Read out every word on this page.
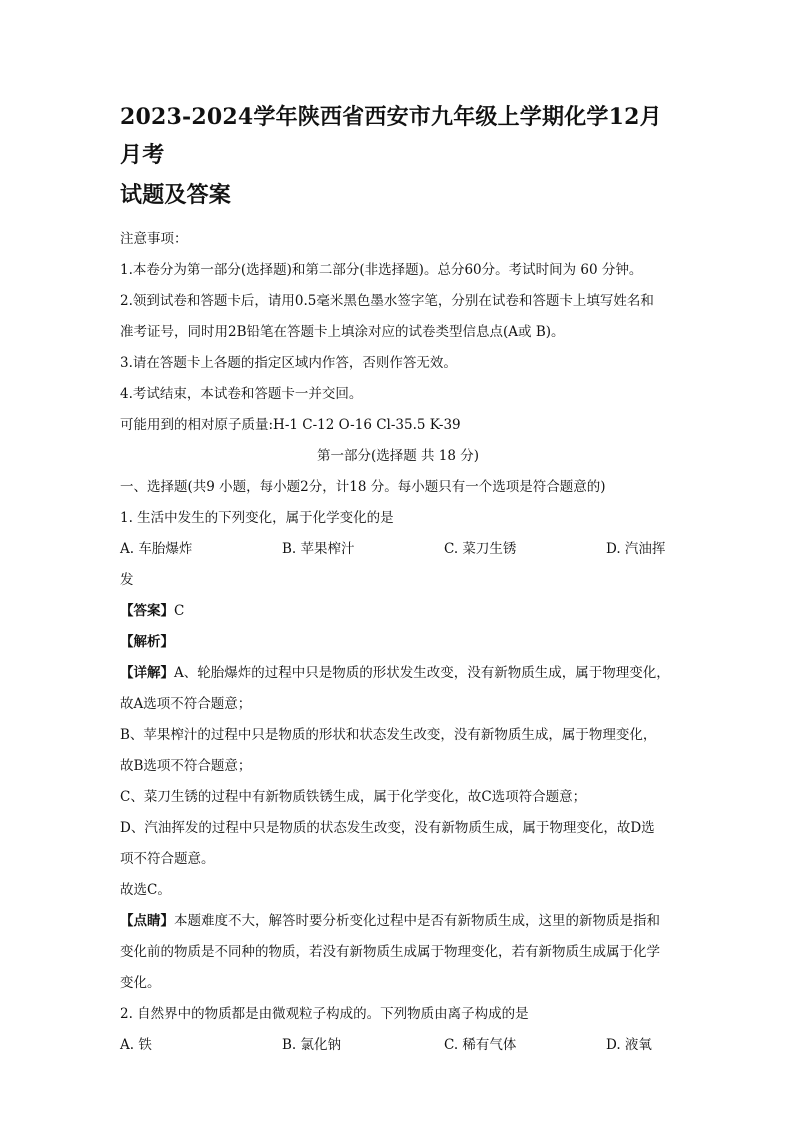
2023-2024学年陕西省西安市九年级上学期化学12月月考
试题及答案

注意事项：

1.本卷分为第一部分(选择题)和第二部分(非选择题)。总分60分。考试时间为 60 分钟。

2.领到试卷和答题卡后，请用0.5毫米黑色墨水签字笔，分别在试卷和答题卡上填写姓名和

准考证号，同时用2B铅笔在答题卡上填涂对应的试卷类型信息点(A或 B)。

3.请在答题卡上各题的指定区域内作答，否则作答无效。

4.考试结束，本试卷和答题卡一并交回。

可能用到的相对原子质量:H-1 C-12 O-16 Cl-35.5 K-39

第一部分(选择题 共 18 分)

一、选择题(共9 小题，每小题2分，计18 分。每小题只有一个选项是符合题意的)

1. 生活中发生的下列变化，属于化学变化的是

A. 车胎爆炸	B. 苹果榨汁	C. 菜刀生锈	D. 汽油挥

发

【答案】C

【解析】

【详解】A、轮胎爆炸的过程中只是物质的形状发生改变，没有新物质生成，属于物理变化，

故A选项不符合题意；

B、苹果榨汁的过程中只是物质的形状和状态发生改变，没有新物质生成，属于物理变化，

故B选项不符合题意；

C、菜刀生锈的过程中有新物质铁锈生成，属于化学变化，故C选项符合题意；

D、汽油挥发的过程中只是物质的状态发生改变，没有新物质生成，属于物理变化，故D选

项不符合题意。

故选C。

【点睛】本题难度不大，解答时要分析变化过程中是否有新物质生成，这里的新物质是指和

变化前的物质是不同种的物质，若没有新物质生成属于物理变化，若有新物质生成属于化学

变化。

2. 自然界中的物质都是由微观粒子构成的。下列物质由离子构成的是

A. 铁	B. 氯化钠	C. 稀有气体	D. 液氧
